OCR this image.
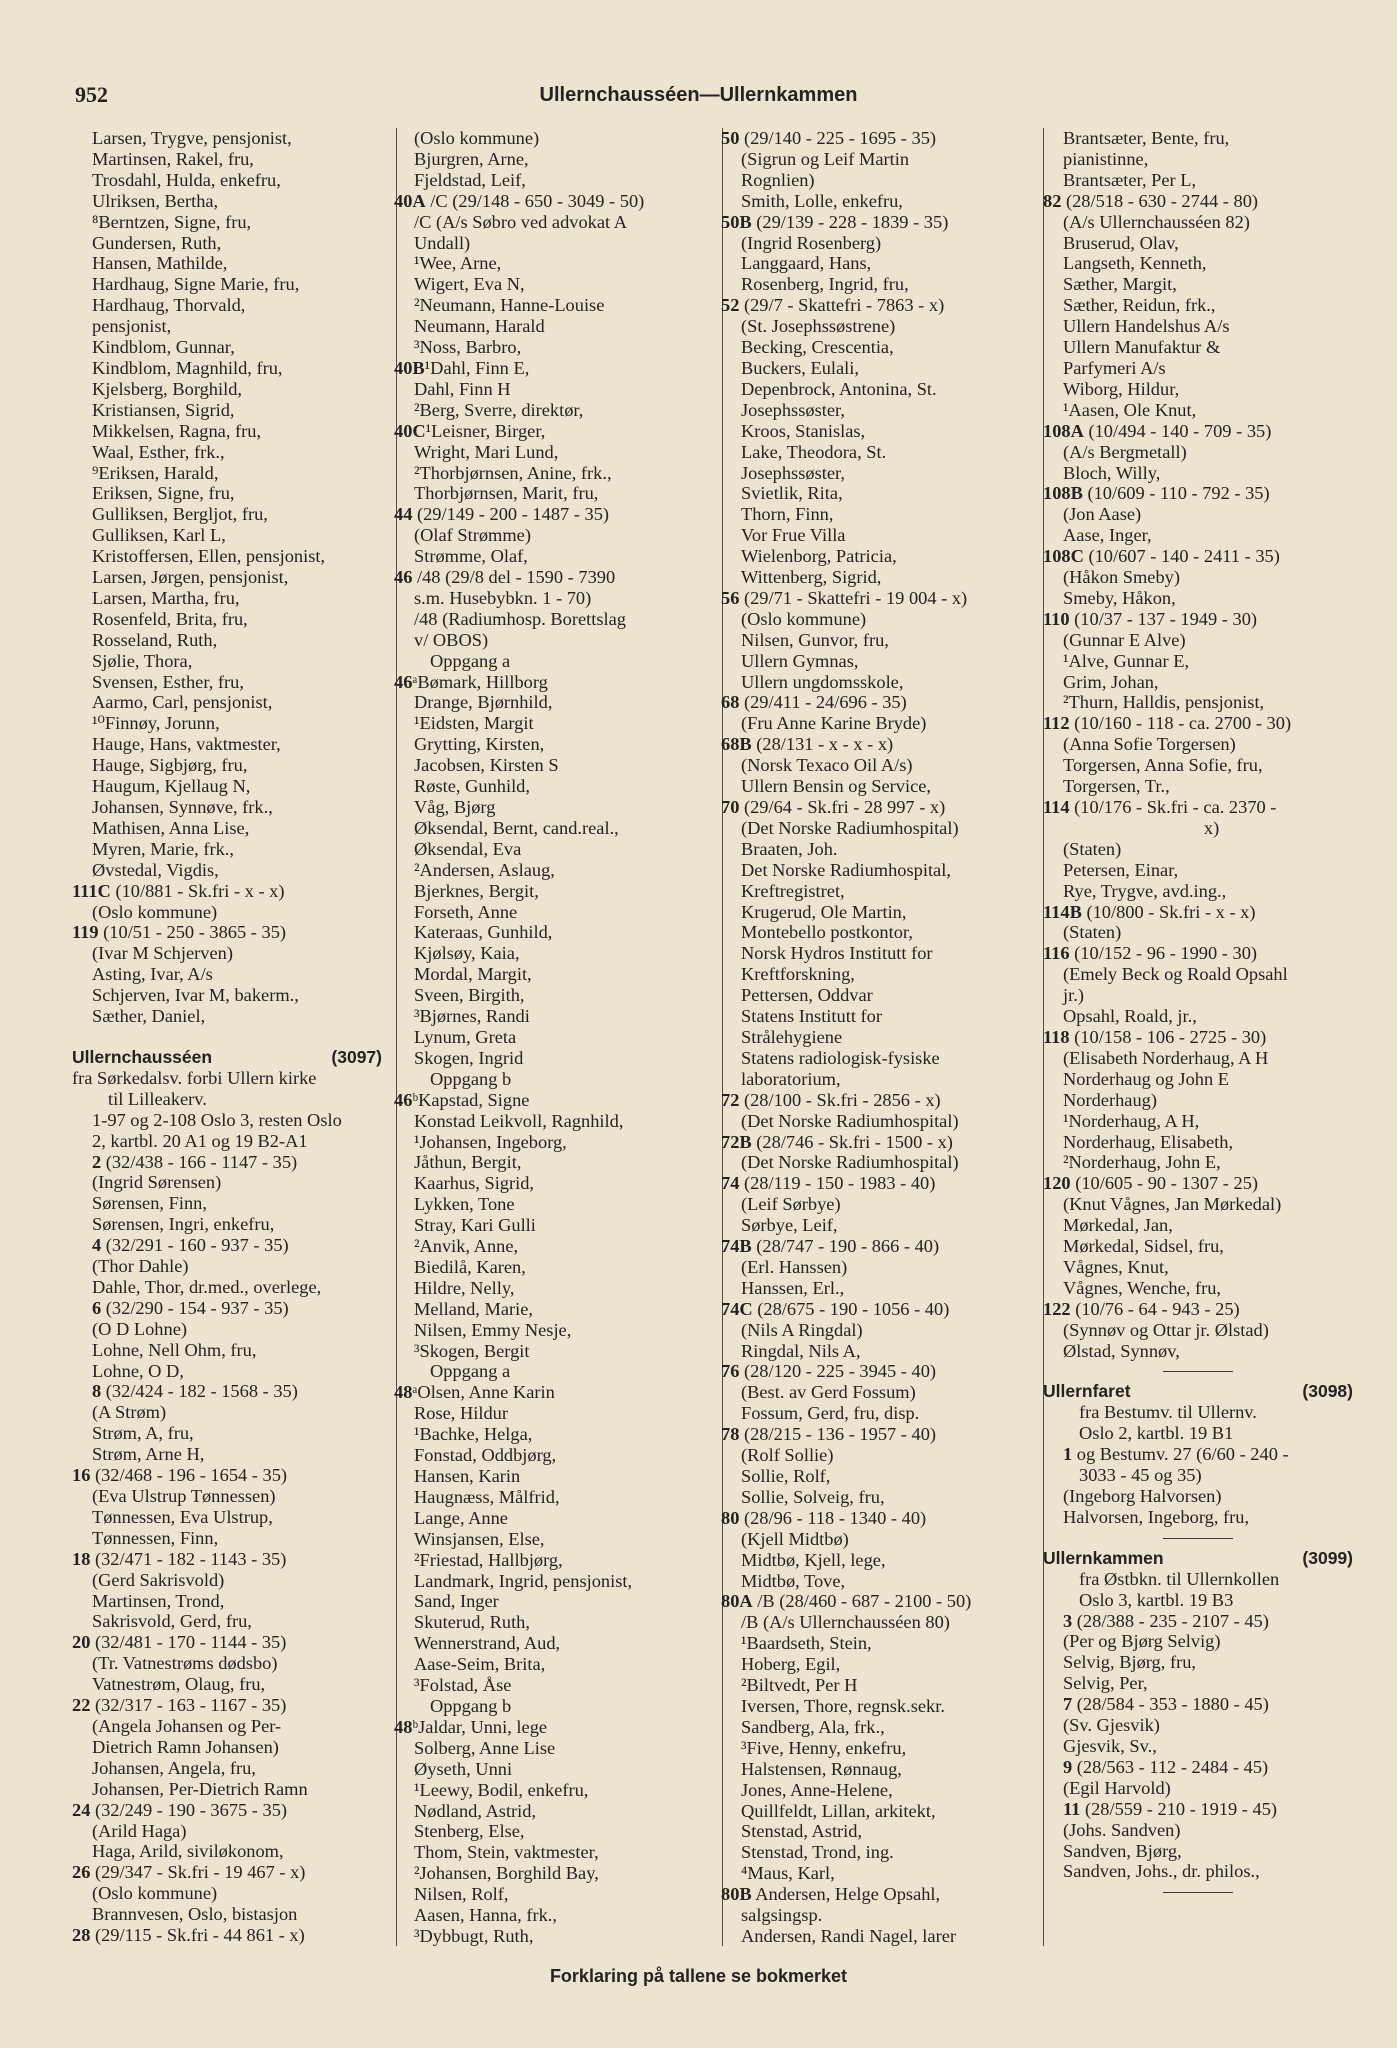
952	Ullernchausséen—Ullernkammen
Larsen, Trygve, pensjonist,
Martinsen, Rakel, fru,
Trosdahl, Hulda, enkefru,
Ulriksen, Bertha,
⁸Berntzen, Signe, fru,
Gundersen, Ruth,
Hansen, Mathilde,
Hardhaug, Signe Marie, fru,
Hardhaug, Thorvald,
pensjonist,
Kindblom, Gunnar,
Kindblom, Magnhild, fru,
Kjelsberg, Borghild,
Kristiansen, Sigrid,
Mikkelsen, Ragna, fru,
Waal, Esther, frk.,
⁹Eriksen, Harald,
Eriksen, Signe, fru,
Gulliksen, Bergljot, fru,
Gulliksen, Karl L,
Kristoffersen, Ellen, pensjonist,
Larsen, Jørgen, pensjonist,
Larsen, Martha, fru,
Rosenfeld, Brita, fru,
Rosseland, Ruth,
Sjølie, Thora,
Svensen, Esther, fru,
Aarmo, Carl, pensjonist,
¹⁰Finnøy, Jorunn,
Hauge, Hans, vaktmester,
Hauge, Sigbjørg, fru,
Haugum, Kjellaug N,
Johansen, Synnøve, frk.,
Mathisen, Anna Lise,
Myren, Marie, frk.,
Øvstedal, Vigdis,
111C (10/881 - Sk.fri - x - x)
(Oslo kommune)
119 (10/51 - 250 - 3865 - 35)
(Ivar M Schjerven)
Asting, Ivar, A/s
Schjerven, Ivar M, bakerm.,
Sæther, Daniel,
Ullernchausséen	(3097)
fra Sørkedalsv. forbi Ullern kirke
til Lilleakerv.
1-97 og 2-108 Oslo 3, resten Oslo
2, kartbl. 20 A1 og 19 B2-A1
2 (32/438 - 166 - 1147 - 35)
(Ingrid Sørensen)
Sørensen, Finn,
Sørensen, Ingri, enkefru,
4 (32/291 - 160 - 937 - 35)
(Thor Dahle)
Dahle, Thor, dr.med., overlege,
6 (32/290 - 154 - 937 - 35)
(O D Lohne)
Lohne, Nell Ohm, fru,
Lohne, O D,
8 (32/424 - 182 - 1568 - 35)
(A Strøm)
Strøm, A, fru,
Strøm, Arne H,
16 (32/468 - 196 - 1654 - 35)
(Eva Ulstrup Tønnessen)
Tønnessen, Eva Ulstrup,
Tønnessen, Finn,
18 (32/471 - 182 - 1143 - 35)
(Gerd Sakrisvold)
Martinsen, Trond,
Sakrisvold, Gerd, fru,
20 (32/481 - 170 - 1144 - 35)
(Tr. Vatnestrøms dødsbo)
Vatnestrøm, Olaug, fru,
22 (32/317 - 163 - 1167 - 35)
(Angela Johansen og Per-
Dietrich Ramn Johansen)
Johansen, Angela, fru,
Johansen, Per-Dietrich Ramn
24 (32/249 - 190 - 3675 - 35)
(Arild Haga)
Haga, Arild, siviløkonom,
26 (29/347 - Sk.fri - 19 467 - x)
(Oslo kommune)
Brannvesen, Oslo, bistasjon
28 (29/115 - Sk.fri - 44 861 - x)
(Oslo kommune)
Bjurgren, Arne,
Fjeldstad, Leif,
40A /C (29/148 - 650 - 3049 - 50)
/C (A/s Søbro ved advokat A
Undall)
¹Wee, Arne,
Wigert, Eva N,
²Neumann, Hanne-Louise
Neumann, Harald
³Noss, Barbro,
40B¹Dahl, Finn E,
Dahl, Finn H
²Berg, Sverre, direktør,
40C¹Leisner, Birger,
Wright, Mari Lund,
²Thorbjørnsen, Anine, frk.,
Thorbjørnsen, Marit, fru,
44 (29/149 - 200 - 1487 - 35)
(Olaf Strømme)
Strømme, Olaf,
46 /48 (29/8 del - 1590 - 7390
s.m. Husebybkn. 1 - 70)
/48 (Radiumhosp. Borettslag
v/ OBOS)
Oppgang a
46ᵃBømark, Hillborg
Drange, Bjørnhild,
¹Eidsten, Margit
Grytting, Kirsten,
Jacobsen, Kirsten S
Røste, Gunhild,
Våg, Bjørg
Øksendal, Bernt, cand.real.,
Øksendal, Eva
²Andersen, Aslaug,
Bjerknes, Bergit,
Forseth, Anne
Kateraas, Gunhild,
Kjølsøy, Kaia,
Mordal, Margit,
Sveen, Birgith,
³Bjørnes, Randi
Lynum, Greta
Skogen, Ingrid
Oppgang b
46ᵇKapstad, Signe
Konstad Leikvoll, Ragnhild,
¹Johansen, Ingeborg,
Jåthun, Bergit,
Kaarhus, Sigrid,
Lykken, Tone
Stray, Kari Gulli
²Anvik, Anne,
Biedilå, Karen,
Hildre, Nelly,
Melland, Marie,
Nilsen, Emmy Nesje,
³Skogen, Bergit
Oppgang a
48ᵃOlsen, Anne Karin
Rose, Hildur
¹Bachke, Helga,
Fonstad, Oddbjørg,
Hansen, Karin
Haugnæss, Målfrid,
Lange, Anne
Winsjansen, Else,
²Friestad, Hallbjørg,
Landmark, Ingrid, pensjonist,
Sand, Inger
Skuterud, Ruth,
Wennerstrand, Aud,
Aase-Seim, Brita,
³Folstad, Åse
Oppgang b
48ᵇJaldar, Unni, lege
Solberg, Anne Lise
Øyseth, Unni
¹Leewy, Bodil, enkefru,
Nødland, Astrid,
Stenberg, Else,
Thom, Stein, vaktmester,
²Johansen, Borghild Bay,
Nilsen, Rolf,
Aasen, Hanna, frk.,
³Dybbugt, Ruth,
50 (29/140 - 225 - 1695 - 35)
(Sigrun og Leif Martin
Rognlien)
Smith, Lolle, enkefru,
50B (29/139 - 228 - 1839 - 35)
(Ingrid Rosenberg)
Langgaard, Hans,
Rosenberg, Ingrid, fru,
52 (29/7 - Skattefri - 7863 - x)
(St. Josephssøstrene)
Becking, Crescentia,
Buckers, Eulali,
Depenbrock, Antonina, St.
Josephssøster,
Kroos, Stanislas,
Lake, Theodora, St.
Josephssøster,
Svietlik, Rita,
Thorn, Finn,
Vor Frue Villa
Wielenborg, Patricia,
Wittenberg, Sigrid,
56 (29/71 - Skattefri - 19 004 - x)
(Oslo kommune)
Nilsen, Gunvor, fru,
Ullern Gymnas,
Ullern ungdomsskole,
68 (29/411 - 24/696 - 35)
(Fru Anne Karine Bryde)
68B (28/131 - x - x - x)
(Norsk Texaco Oil A/s)
Ullern Bensin og Service,
70 (29/64 - Sk.fri - 28 997 - x)
(Det Norske Radiumhospital)
Braaten, Joh.
Det Norske Radiumhospital,
Kreftregistret,
Krugerud, Ole Martin,
Montebello postkontor,
Norsk Hydros Institutt for
Kreftforskning,
Pettersen, Oddvar
Statens Institutt for
Strålehygiene
Statens radiologisk-fysiske
laboratorium,
72 (28/100 - Sk.fri - 2856 - x)
(Det Norske Radiumhospital)
72B (28/746 - Sk.fri - 1500 - x)
(Det Norske Radiumhospital)
74 (28/119 - 150 - 1983 - 40)
(Leif Sørbye)
Sørbye, Leif,
74B (28/747 - 190 - 866 - 40)
(Erl. Hanssen)
Hanssen, Erl.,
74C (28/675 - 190 - 1056 - 40)
(Nils A Ringdal)
Ringdal, Nils A,
76 (28/120 - 225 - 3945 - 40)
(Best. av Gerd Fossum)
Fossum, Gerd, fru, disp.
78 (28/215 - 136 - 1957 - 40)
(Rolf Sollie)
Sollie, Rolf,
Sollie, Solveig, fru,
80 (28/96 - 118 - 1340 - 40)
(Kjell Midtbø)
Midtbø, Kjell, lege,
Midtbø, Tove,
80A /B (28/460 - 687 - 2100 - 50)
/B (A/s Ullernchausséen 80)
¹Baardseth, Stein,
Hoberg, Egil,
²Biltvedt, Per H
Iversen, Thore, regnsk.sekr.
Sandberg, Ala, frk.,
³Five, Henny, enkefru,
Halstensen, Rønnaug,
Jones, Anne-Helene,
Quillfeldt, Lillan, arkitekt,
Stenstad, Astrid,
Stenstad, Trond, ing.
⁴Maus, Karl,
80B Andersen, Helge Opsahl,
salgsingsp.
Andersen, Randi Nagel, larer
Brantsæter, Bente, fru,
pianistinne,
Brantsæter, Per L,
82 (28/518 - 630 - 2744 - 80)
(A/s Ullernchausséen 82)
Bruserud, Olav,
Langseth, Kenneth,
Sæther, Margit,
Sæther, Reidun, frk.,
Ullern Handelshus A/s
Ullern Manufaktur &
Parfymeri A/s
Wiborg, Hildur,
¹Aasen, Ole Knut,
108A (10/494 - 140 - 709 - 35)
(A/s Bergmetall)
Bloch, Willy,
108B (10/609 - 110 - 792 - 35)
(Jon Aase)
Aase, Inger,
108C (10/607 - 140 - 2411 - 35)
(Håkon Smeby)
Smeby, Håkon,
110 (10/37 - 137 - 1949 - 30)
(Gunnar E Alve)
¹Alve, Gunnar E,
Grim, Johan,
²Thurn, Halldis, pensjonist,
112 (10/160 - 118 - ca. 2700 - 30)
(Anna Sofie Torgersen)
Torgersen, Anna Sofie, fru,
Torgersen, Tr.,
114 (10/176 - Sk.fri - ca. 2370 -
x)
(Staten)
Petersen, Einar,
Rye, Trygve, avd.ing.,
114B (10/800 - Sk.fri - x - x)
(Staten)
116 (10/152 - 96 - 1990 - 30)
(Emely Beck og Roald Opsahl
jr.)
Opsahl, Roald, jr.,
118 (10/158 - 106 - 2725 - 30)
(Elisabeth Norderhaug, A H
Norderhaug og John E
Norderhaug)
¹Norderhaug, A H,
Norderhaug, Elisabeth,
²Norderhaug, John E,
120 (10/605 - 90 - 1307 - 25)
(Knut Vågnes, Jan Mørkedal)
Mørkedal, Jan,
Mørkedal, Sidsel, fru,
Vågnes, Knut,
Vågnes, Wenche, fru,
122 (10/76 - 64 - 943 - 25)
(Synnøv og Ottar jr. Ølstad)
Ølstad, Synnøv,
Ullernfaret	(3098)
fra Bestumv. til Ullernv.
Oslo 2, kartbl. 19 B1
1 og Bestumv. 27 (6/60 - 240 -
3033 - 45 og 35)
(Ingeborg Halvorsen)
Halvorsen, Ingeborg, fru,
Ullernkammen	(3099)
fra Østbkn. til Ullernkollen
Oslo 3, kartbl. 19 B3
3 (28/388 - 235 - 2107 - 45)
(Per og Bjørg Selvig)
Selvig, Bjørg, fru,
Selvig, Per,
7 (28/584 - 353 - 1880 - 45)
(Sv. Gjesvik)
Gjesvik, Sv.,
9 (28/563 - 112 - 2484 - 45)
(Egil Harvold)
11 (28/559 - 210 - 1919 - 45)
(Johs. Sandven)
Sandven, Bjørg,
Sandven, Johs., dr. philos.,
Forklaring på tallene se bokmerket
